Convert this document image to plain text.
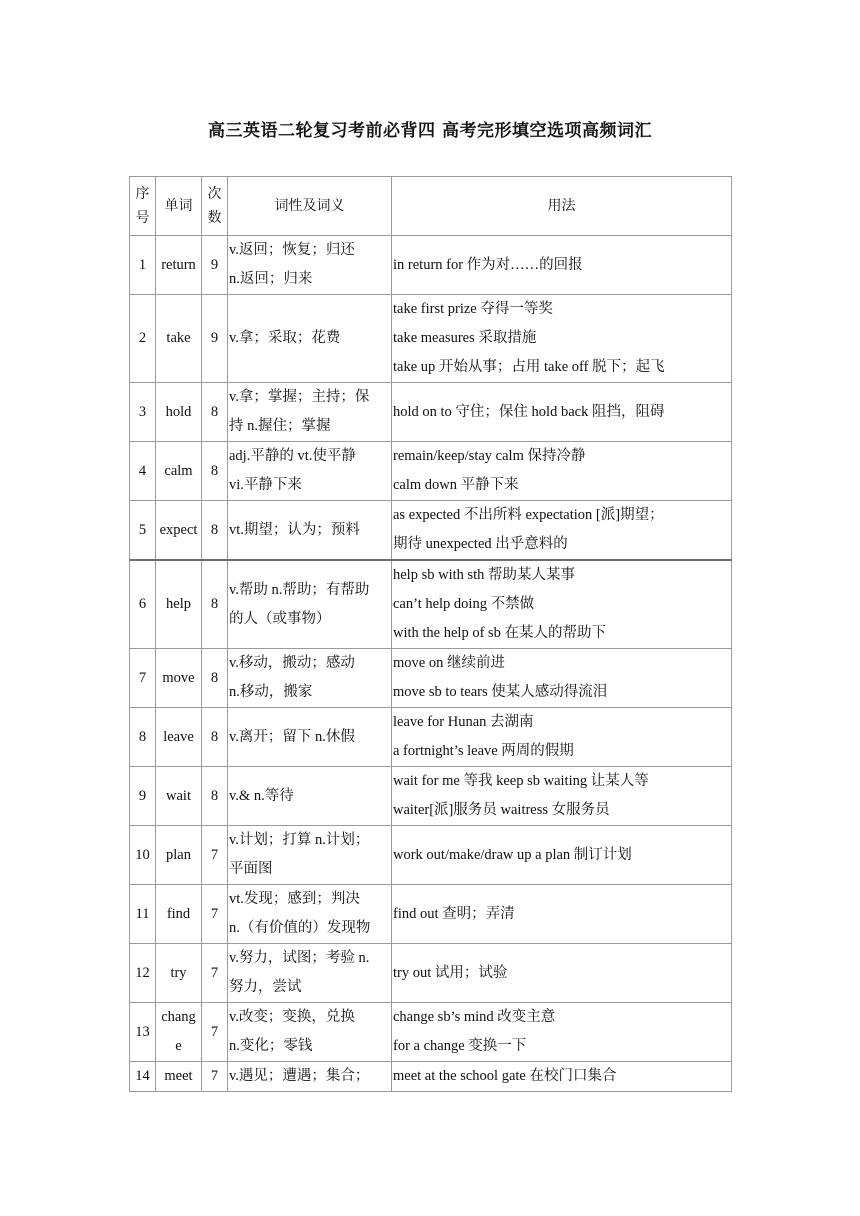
高三英语二轮复习考前必背四 高考完形填空选项高频词汇
序号	单词	次数	词性及词义	用法
1	return	9	v.返回；恢复；归还
n.返回；归来	in return for 作为对……的回报

2	take	9	v.拿；采取；花费	take first prize 夺得一等奖
take measures 采取措施
take up 开始从事；占用 take off 脱下；起飞

3	hold	8	v.拿；掌握；主持；保
持 n.握住；掌握	hold on to 守住；保住 hold back 阻挡，阻碍

4	calm	8	adj.平静的 vt.使平静
vi.平静下来	remain/keep/stay calm 保持冷静
calm down 平静下来

5	expect	8	vt.期望；认为；预料	as expected 不出所料 expectation [派]期望；
期待 unexpected 出乎意料的

6	help	8	v.帮助 n.帮助；有帮助
的人（或事物）	help sb with sth 帮助某人某事
can’t help doing 不禁做
with the help of sb 在某人的帮助下

7	move	8	v.移动，搬动；感动
n.移动，搬家	move on 继续前进
move sb to tears 使某人感动得流泪

8	leave	8	v.离开；留下 n.休假	leave for Hunan 去湖南
a fortnight’s leave 两周的假期

9	wait	8	v.& n.等待	wait for me 等我 keep sb waiting 让某人等
waiter[派]服务员 waitress 女服务员

10	plan	7	v.计划；打算 n.计划；
平面图	work out/make/draw up a plan 制订计划

11	find	7	vt.发现；感到；判决
n.（有价值的）发现物	find out 查明；弄清

12	try	7	v.努力，试图；考验 n.
努力，尝试	try out 试用；试验

13	chang e	7	v.改变；变换，兑换
n.变化；零钱	change sb’s mind 改变主意
for a change 变换一下

14	meet	7	v.遇见；遭遇；集合；	meet at the school gate 在校门口集合
